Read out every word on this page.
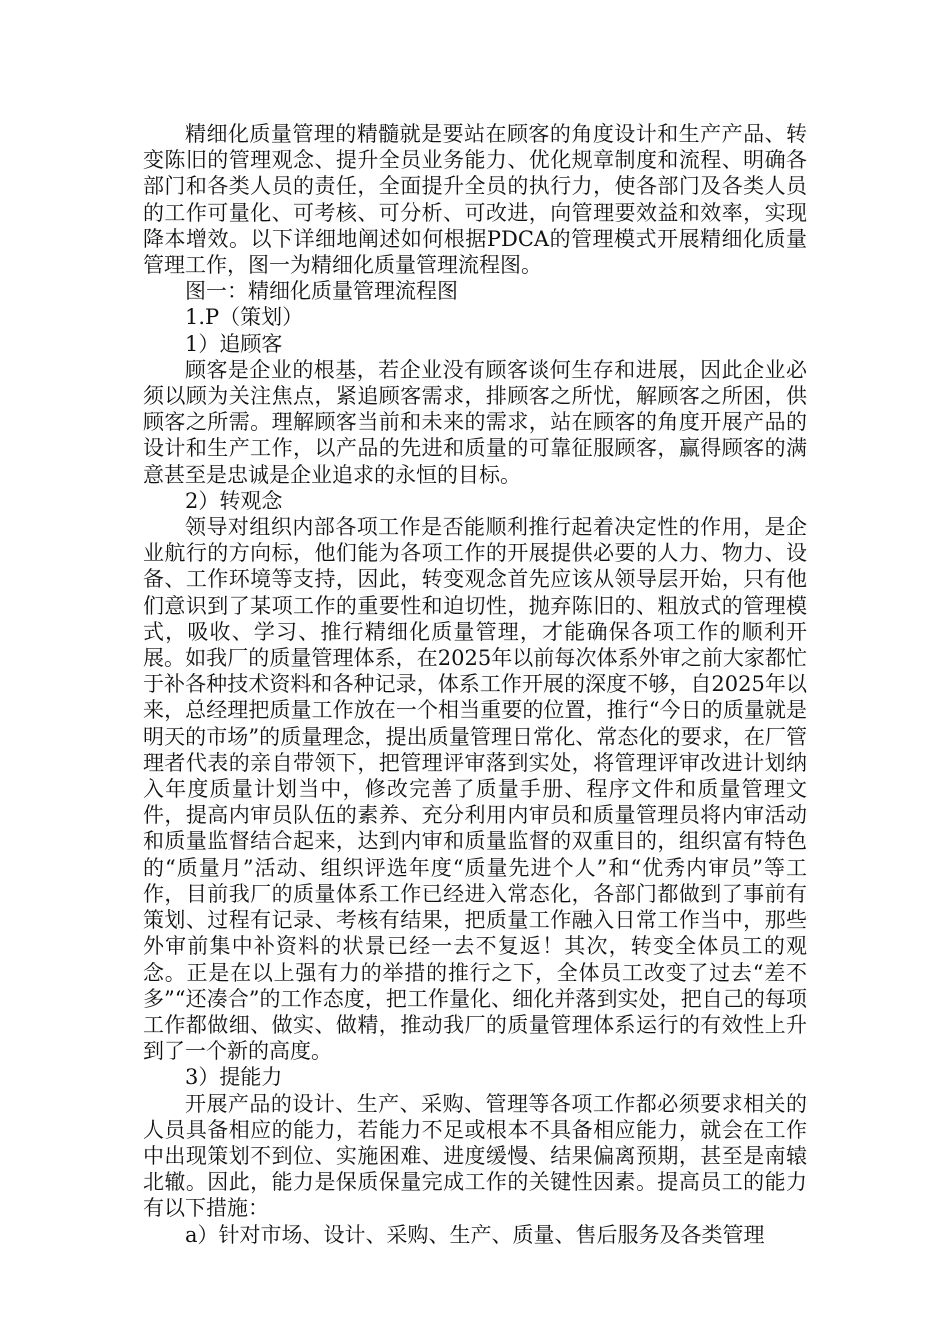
精细化质量管理的精髓就是要站在顾客的角度设计和生产产品、转变陈旧的管理观念、提升全员业务能力、优化规章制度和流程、明确各部门和各类人员的责任，全面提升全员的执行力，使各部门及各类人员的工作可量化、可考核、可分析、可改进，向管理要效益和效率，实现降本增效。以下详细地阐述如何根据PDCA的管理模式开展精细化质量管理工作，图一为精细化质量管理流程图。

图一：精细化质量管理流程图

1.P（策划）

1）追顾客

顾客是企业的根基，若企业没有顾客谈何生存和进展，因此企业必须以顾为关注焦点，紧追顾客需求，排顾客之所忧，解顾客之所困，供顾客之所需。理解顾客当前和未来的需求，站在顾客的角度开展产品的设计和生产工作，以产品的先进和质量的可靠征服顾客，赢得顾客的满意甚至是忠诚是企业追求的永恒的目标。

2）转观念

领导对组织内部各项工作是否能顺利推行起着决定性的作用，是企业航行的方向标，他们能为各项工作的开展提供必要的人力、物力、设备、工作环境等支持，因此，转变观念首先应该从领导层开始，只有他们意识到了某项工作的重要性和迫切性，抛弃陈旧的、粗放式的管理模式，吸收、学习、推行精细化质量管理，才能确保各项工作的顺利开展。如我厂的质量管理体系，在2025年以前每次体系外审之前大家都忙于补各种技术资料和各种记录，体系工作开展的深度不够，自2025年以来，总经理把质量工作放在一个相当重要的位置，推行“今日的质量就是明天的市场”的质量理念，提出质量管理日常化、常态化的要求，在厂管理者代表的亲自带领下，把管理评审落到实处，将管理评审改进计划纳入年度质量计划当中，修改完善了质量手册、程序文件和质量管理文件，提高内审员队伍的素养、充分利用内审员和质量管理员将内审活动和质量监督结合起来，达到内审和质量监督的双重目的，组织富有特色的“质量月”活动、组织评选年度“质量先进个人”和“优秀内审员”等工作，目前我厂的质量体系工作已经进入常态化，各部门都做到了事前有策划、过程有记录、考核有结果，把质量工作融入日常工作当中，那些外审前集中补资料的状景已经一去不复返！其次，转变全体员工的观念。正是在以上强有力的举措的推行之下，全体员工改变了过去“差不多”“还凑合”的工作态度，把工作量化、细化并落到实处，把自己的每项工作都做细、做实、做精，推动我厂的质量管理体系运行的有效性上升到了一个新的高度。

3）提能力

开展产品的设计、生产、采购、管理等各项工作都必须要求相关的人员具备相应的能力，若能力不足或根本不具备相应能力，就会在工作中出现策划不到位、实施困难、进度缓慢、结果偏离预期，甚至是南辕北辙。因此，能力是保质保量完成工作的关键性因素。提高员工的能力有以下措施：

a）针对市场、设计、采购、生产、质量、售后服务及各类管理
